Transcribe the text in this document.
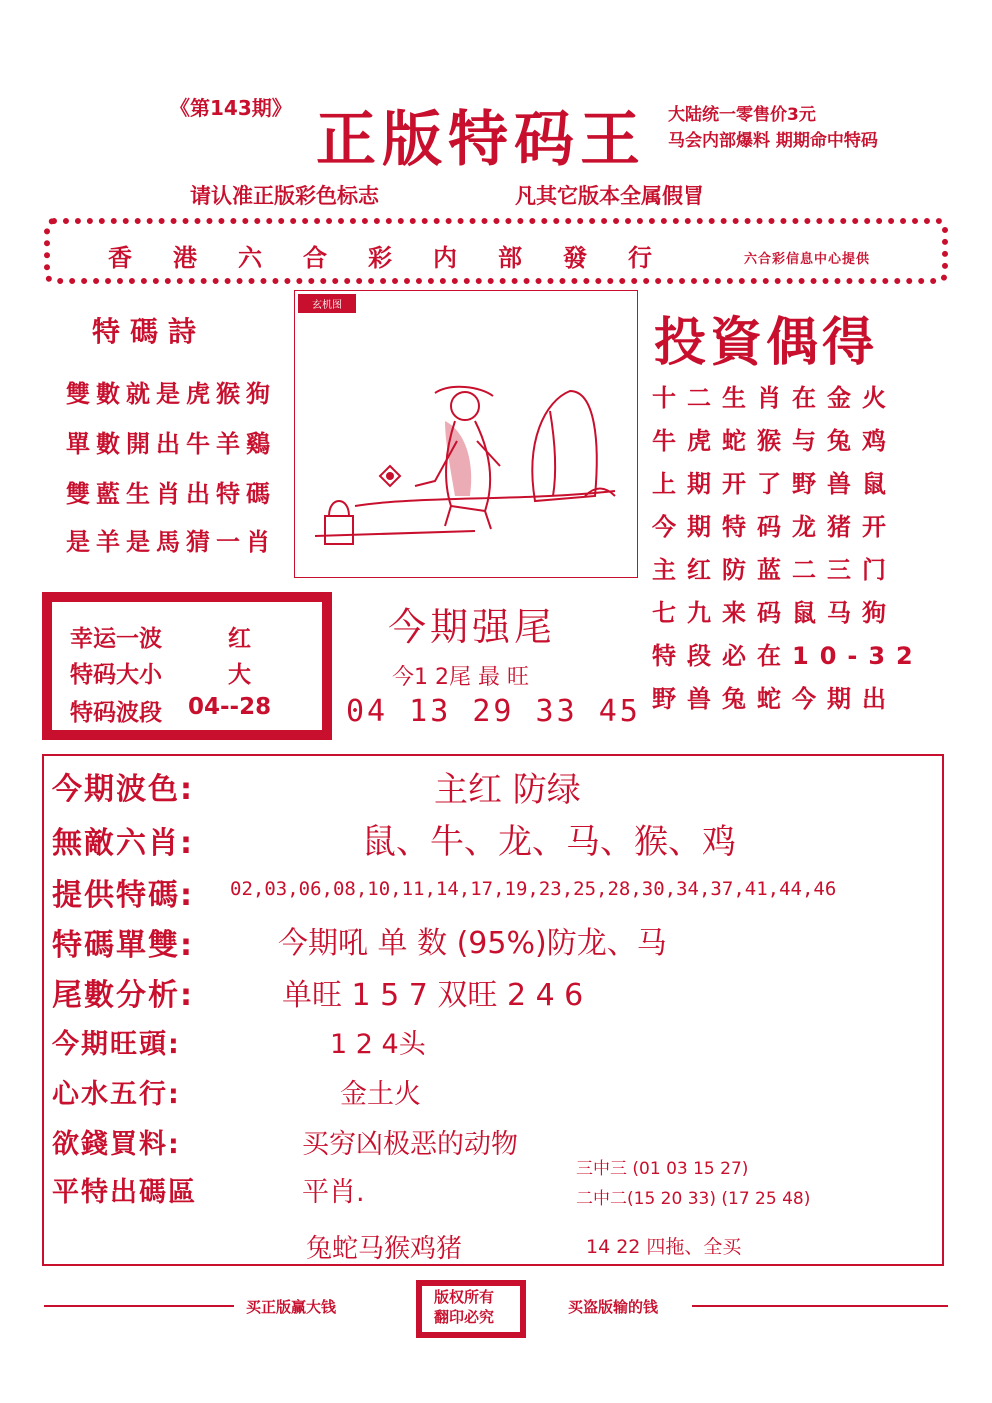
《第143期》 正版特码王 大陆统一零售价3元
马会内部爆料 期期命中特码
请认准正版彩色标志	凡其它版本全属假冒
香港六合彩内部發行	六合彩信息中心提供
特碼詩
雙數就是虎猴狗
單數開出牛羊鷄
雙藍生肖出特碼
是羊是馬猜一肖
玄机图
投資偶得
十二生肖在金火
牛虎蛇猴与兔鸡
上期开了野兽鼠
今期特码龙猪开
主红防蓝二三门
七九来码鼠马狗
特段必在10-32
野兽兔蛇今期出
幸运一波	红
特码大小	大
特码波段 04--28
今期强尾
今1 2尾 最 旺
04 13 29 33 45
今期波色:	主红 防绿
無敵六肖:	鼠、牛、龙、马、猴、鸡
提供特碼: 02,03,06,08,10,11,14,17,19,23,25,28,30,34,37,41,44,46
特碼單雙:	今期吼 单 数 (95%)防龙、马
尾數分析:	单旺 1 5 7 双旺 2 4 6
今期旺頭:	1 2 4头
心水五行:	金土火
欲錢買料:	买穷凶极恶的动物
平特出碼區	平肖.
三中三 (01 03 15 27)
二中二(15 20 33) (17 25 48)
兔蛇马猴鸡猪	14 22 四拖、全买
买正版赢大钱
版权所有
翻印必究
买盗版输的钱
